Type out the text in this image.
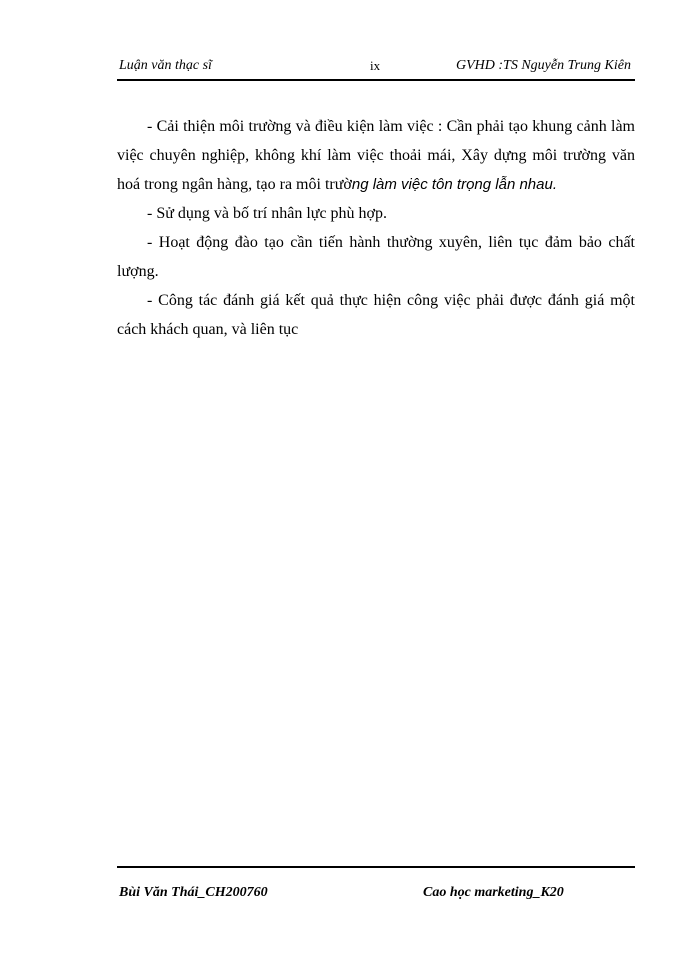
Luận văn thạc sĩ	ix	GVHD :TS Nguyễn Trung Kiên

- Cải thiện môi trường và điều kiện làm việc : Cần phải tạo khung cảnh làm việc chuyên nghiệp, không khí làm việc thoải mái, Xây dựng môi trường văn hoá trong ngân hàng, tạo ra môi trường làm việc tôn trọng lẫn nhau.

- Sử dụng và bố trí nhân lực phù hợp.

- Hoạt động đào tạo cần tiến hành thường xuyên, liên tục đảm bảo chất lượng.

- Công tác đánh giá kết quả thực hiện công việc phải được đánh giá một cách khách quan, và liên tục

Bùi Văn Thái_CH200760	Cao học marketing_K20
